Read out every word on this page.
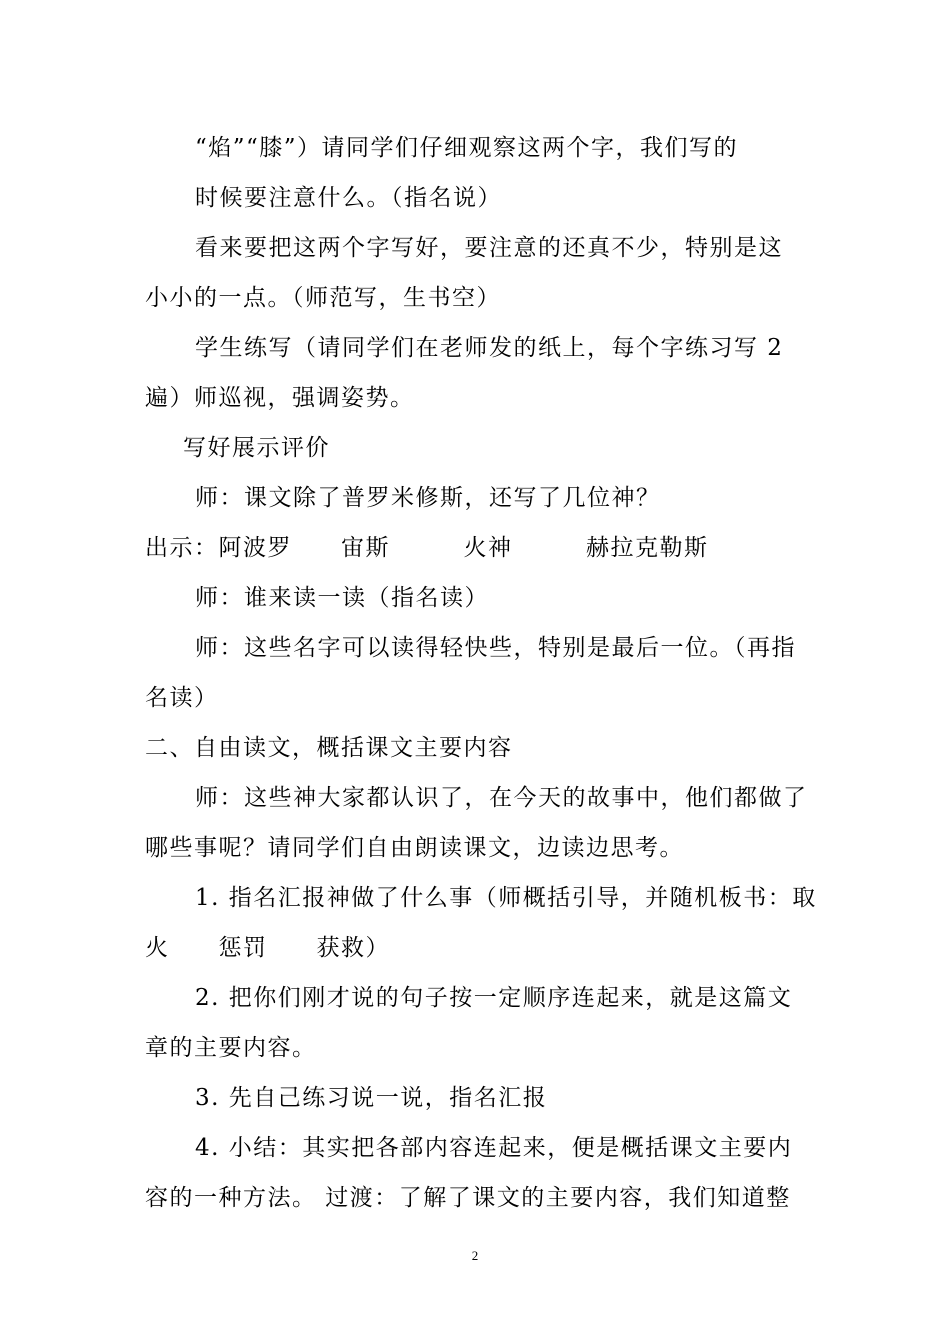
“焰”“膝”）请同学们仔细观察这两个字，我们写的
时候要注意什么。（指名说）
看来要把这两个字写好，要注意的还真不少，特别是这
小小的一点。（师范写，生书空）
学生练写（请同学们在老师发的纸上，每个字练习写 2
遍）师巡视，强调姿势。
写好展示评价
师：课文除了普罗米修斯，还写了几位神？
出示：阿波罗　　宙斯　　　火神　　　赫拉克勒斯
师：谁来读一读（指名读）
师：这些名字可以读得轻快些，特别是最后一位。（再指
名读）
二、自由读文，概括课文主要内容
师：这些神大家都认识了，在今天的故事中，他们都做了
哪些事呢？请同学们自由朗读课文，边读边思考。
1. 指名汇报神做了什么事（师概括引导，并随机板书：取
火　　惩罚　　获救）
2. 把你们刚才说的句子按一定顺序连起来，就是这篇文
章的主要内容。
3. 先自己练习说一说，指名汇报
4. 小结：其实把各部内容连起来，便是概括课文主要内
容的一种方法。 过渡：了解了课文的主要内容，我们知道整
2
